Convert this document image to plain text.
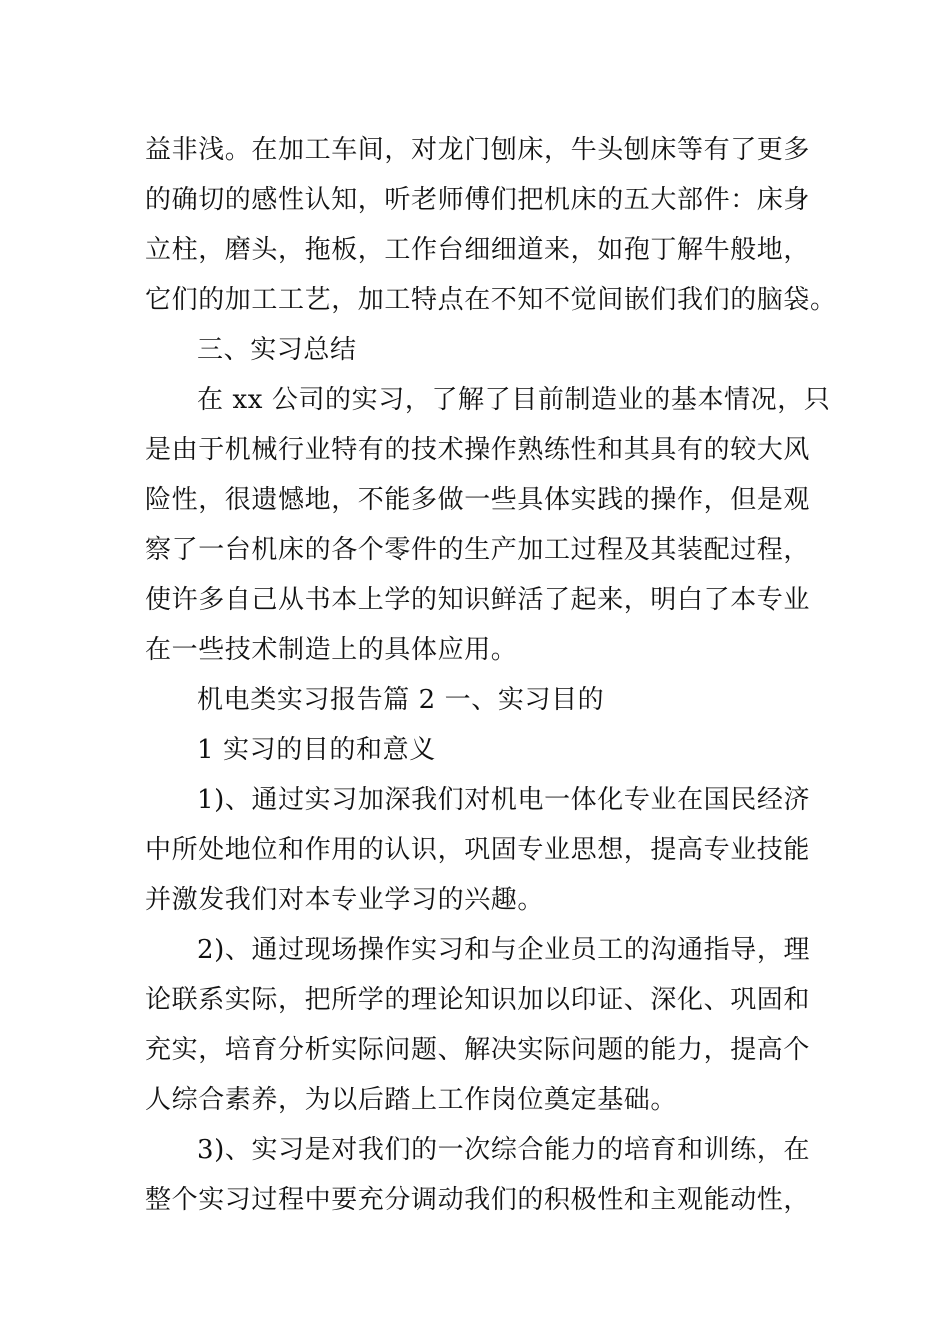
益非浅。在加工车间，对龙门刨床，牛头刨床等有了更多
的确切的感性认知，听老师傅们把机床的五大部件：床身
立柱，磨头，拖板，工作台细细道来，如孢丁解牛般地，
它们的加工工艺，加工特点在不知不觉间嵌们我们的脑袋。
三、实习总结
在 xx 公司的实习，了解了目前制造业的基本情况，只
是由于机械行业特有的技术操作熟练性和其具有的较大风
险性，很遗憾地，不能多做一些具体实践的操作，但是观
察了一台机床的各个零件的生产加工过程及其装配过程，
使许多自己从书本上学的知识鲜活了起来，明白了本专业
在一些技术制造上的具体应用。
机电类实习报告篇 2 一、实习目的
1 实习的目的和意义
1)、通过实习加深我们对机电一体化专业在国民经济
中所处地位和作用的认识，巩固专业思想，提高专业技能
并激发我们对本专业学习的兴趣。
2)、通过现场操作实习和与企业员工的沟通指导，理
论联系实际，把所学的理论知识加以印证、深化、巩固和
充实，培育分析实际问题、解决实际问题的能力，提高个
人综合素养，为以后踏上工作岗位奠定基础。
3)、实习是对我们的一次综合能力的培育和训练，在
整个实习过程中要充分调动我们的积极性和主观能动性，
